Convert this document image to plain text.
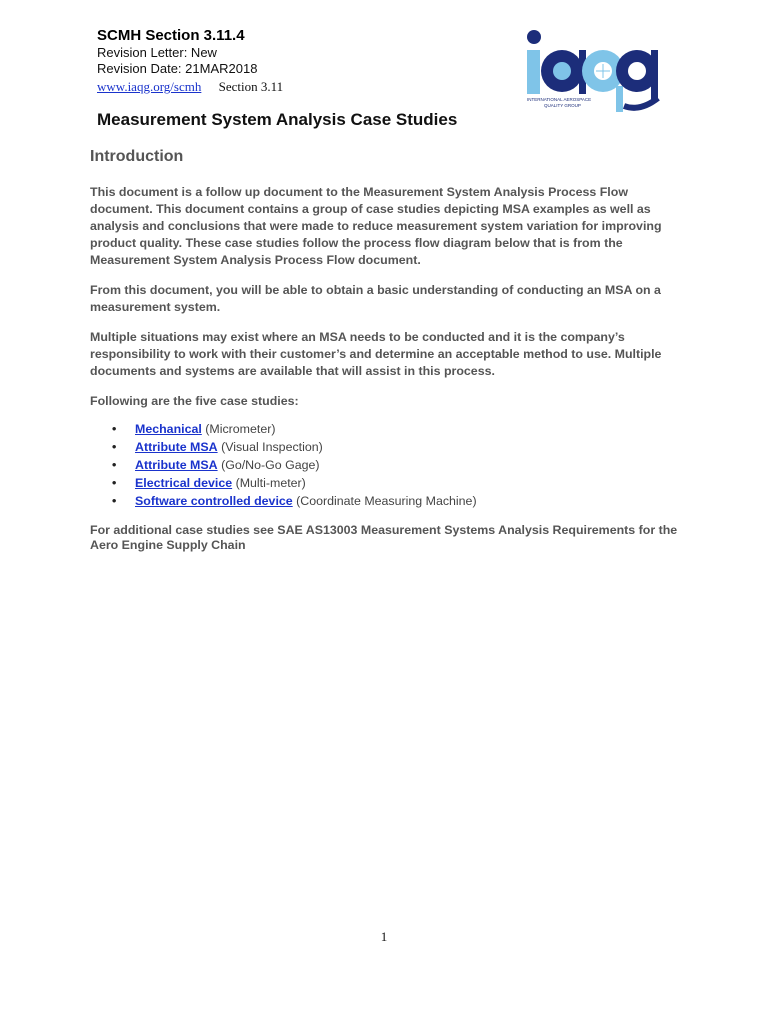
SCMH Section 3.11.4
Revision Letter: New
Revision Date: 21MAR2018
www.iaqg.org/scmh Section 3.11
INTERNATIONAL AEROSPACE
QUALITY GROUP
Measurement System Analysis Case Studies
Introduction

This document is a follow up document to the Measurement System Analysis Process Flow document. This document contains a group of case studies depicting MSA examples as well as analysis and conclusions that were made to reduce measurement system variation for improving product quality. These case studies follow the process flow diagram below that is from the Measurement System Analysis Process Flow document.

From this document, you will be able to obtain a basic understanding of conducting an MSA on a measurement system.

Multiple situations may exist where an MSA needs to be conducted and it is the company’s responsibility to work with their customer’s and determine an acceptable method to use. Multiple documents and systems are available that will assist in this process.

Following are the five case studies:

• Mechanical (Micrometer)
• Attribute MSA (Visual Inspection)
• Attribute MSA (Go/No-Go Gage)
• Electrical device (Multi-meter)
• Software controlled device (Coordinate Measuring Machine)
For additional case studies see SAE AS13003 Measurement Systems Analysis Requirements for the Aero Engine Supply Chain
1
